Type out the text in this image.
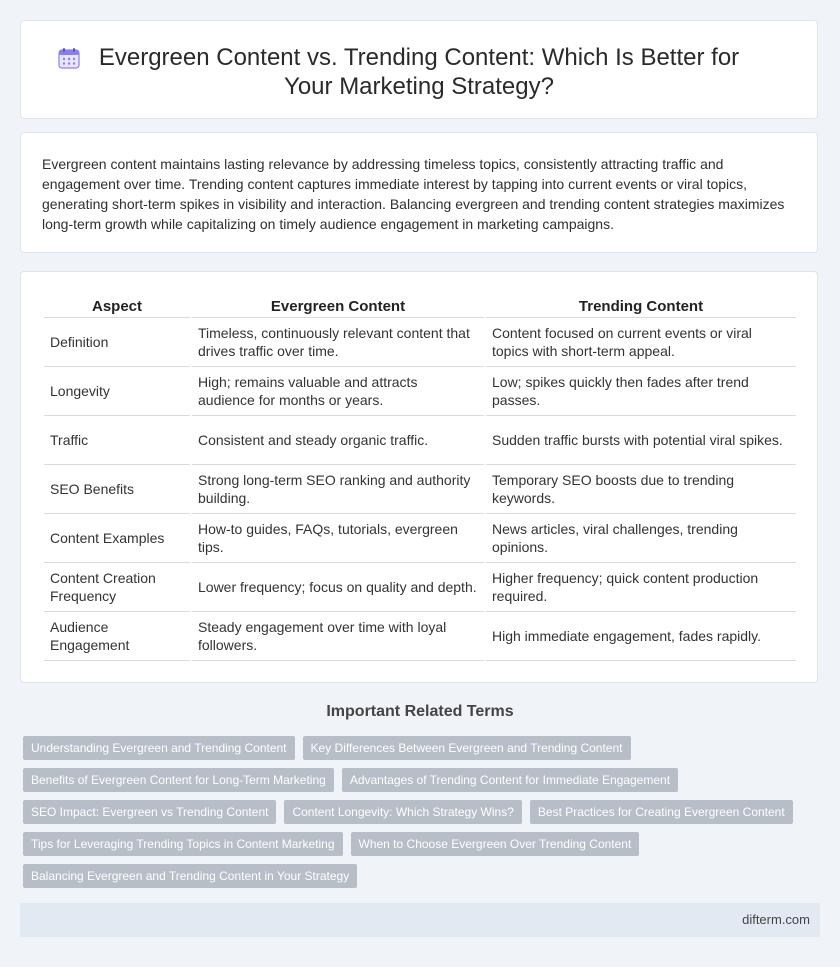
Evergreen Content vs. Trending Content: Which Is Better for Your Marketing Strategy?

Evergreen content maintains lasting relevance by addressing timeless topics, consistently attracting traffic and engagement over time. Trending content captures immediate interest by tapping into current events or viral topics, generating short-term spikes in visibility and interaction. Balancing evergreen and trending content strategies maximizes long-term growth while capitalizing on timely audience engagement in marketing campaigns.

Aspect	Evergreen Content	Trending Content
Definition	Timeless, continuously relevant content that drives traffic over time.	Content focused on current events or viral topics with short-term appeal.
Longevity	High; remains valuable and attracts audience for months or years.	Low; spikes quickly then fades after trend passes.
Traffic	Consistent and steady organic traffic.	Sudden traffic bursts with potential viral spikes.
SEO Benefits	Strong long-term SEO ranking and authority building.	Temporary SEO boosts due to trending keywords.
Content Examples	How-to guides, FAQs, tutorials, evergreen tips.	News articles, viral challenges, trending opinions.
Content Creation Frequency	Lower frequency; focus on quality and depth.	Higher frequency; quick content production required.
Audience Engagement	Steady engagement over time with loyal followers.	High immediate engagement, fades rapidly.
Important Related Terms
Understanding Evergreen and Trending Content	Key Differences Between Evergreen and Trending Content
Benefits of Evergreen Content for Long-Term Marketing	Advantages of Trending Content for Immediate Engagement
SEO Impact: Evergreen vs Trending Content	Content Longevity: Which Strategy Wins?	Best Practices for Creating Evergreen Content
Tips for Leveraging Trending Topics in Content Marketing	When to Choose Evergreen Over Trending Content
Balancing Evergreen and Trending Content in Your Strategy
difterm.com
